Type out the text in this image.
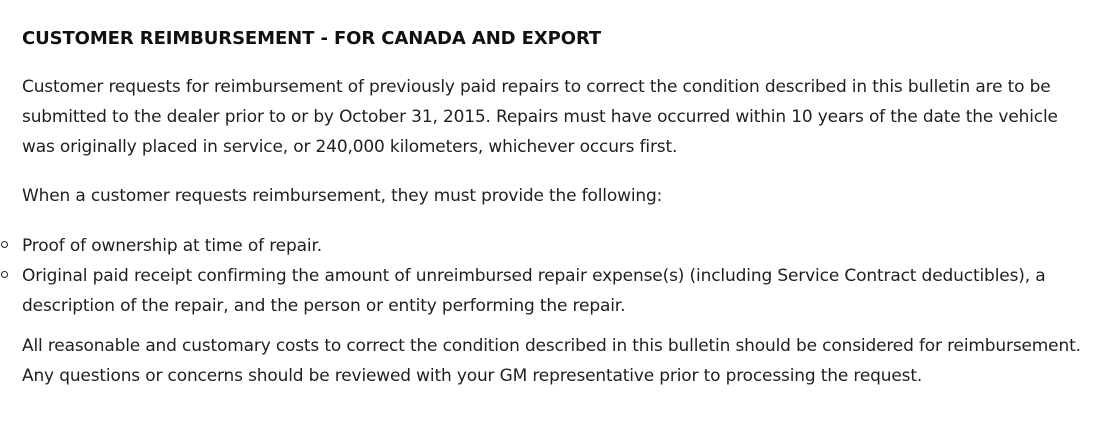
CUSTOMER REIMBURSEMENT - FOR CANADA AND EXPORT

Customer requests for reimbursement of previously paid repairs to correct the condition described in this bulletin are to be
submitted to the dealer prior to or by October 31, 2015. Repairs must have occurred within 10 years of the date the vehicle
was originally placed in service, or 240,000 kilometers, whichever occurs first.

When a customer requests reimbursement, they must provide the following:

Proof of ownership at time of repair.
Original paid receipt confirming the amount of unreimbursed repair expense(s) (including Service Contract deductibles), a
description of the repair, and the person or entity performing the repair.

All reasonable and customary costs to correct the condition described in this bulletin should be considered for reimbursement.
Any questions or concerns should be reviewed with your GM representative prior to processing the request.
